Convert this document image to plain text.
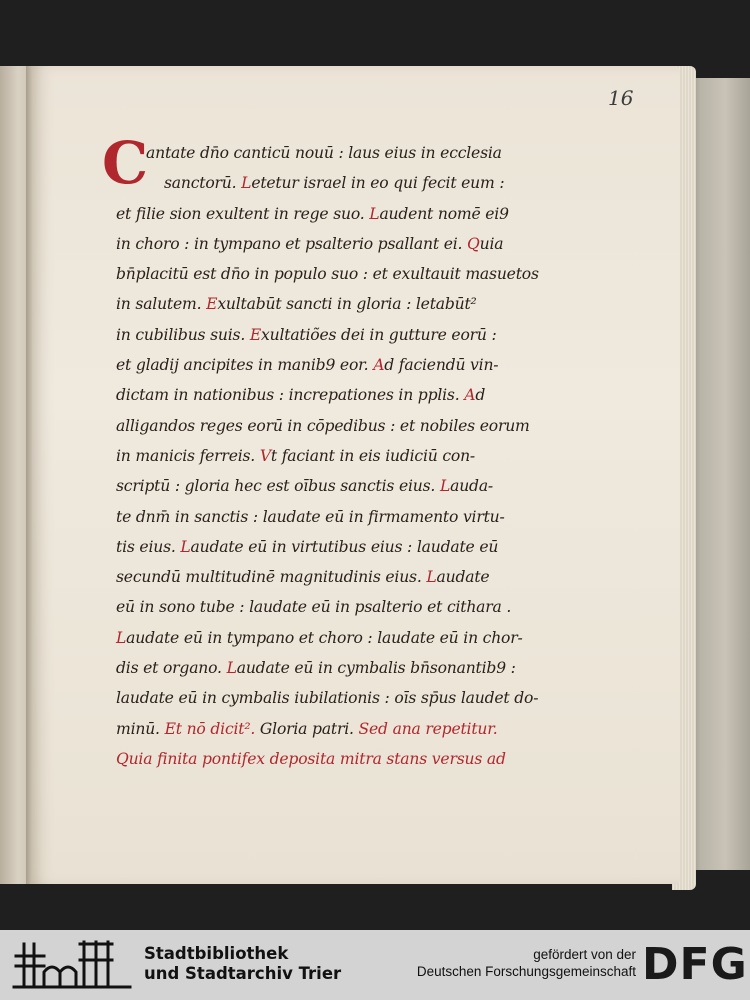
16
C
antate dn̄o canticū nouū : laus eius in ecclesia
sanctorū. Letetur israel in eo qui fecit eum :
et filie sion exultent in rege suo. Laudent nomē ei9
in choro : in tympano et psalterio psallant ei. Quia
bn̄placitū est dn̄o in populo suo : et exultauit masuetos
in salutem. Exultabūt sancti in gloria : letabūt²
in cubilibus suis. Exultatiões dei in gutture eorū :
et gladij ancipites in manib9 eor. Ad faciendū vin-
dictam in nationibus : increpationes in pplis. Ad
alligandos reges eorū in cōpedibus : et nobiles eorum
in manicis ferreis. Vt faciant in eis iudiciū con-
scriptū : gloria hec est oībus sanctis eius. Lauda-
te dnm̄ in sanctis : laudate eū in firmamento virtu-
tis eius. Laudate eū in virtutibus eius : laudate eū
secundū multitudinē magnitudinis eius. Laudate
eū in sono tube : laudate eū in psalterio et cithara .
Laudate eū in tympano et choro : laudate eū in chor-
dis et organo. Laudate eū in cymbalis bn̄sonantib9 :
laudate eū in cymbalis iubilationis : oīs sp̄us laudet do-
minū. Et nō dicit². Gloria patri. Sed ana repetitur.
Quia finita pontifex deposita mitra stans versus ad
Stadtbibliothek
und Stadtarchiv Trier
gefördert von der
Deutschen Forschungsgemeinschaft DFG
